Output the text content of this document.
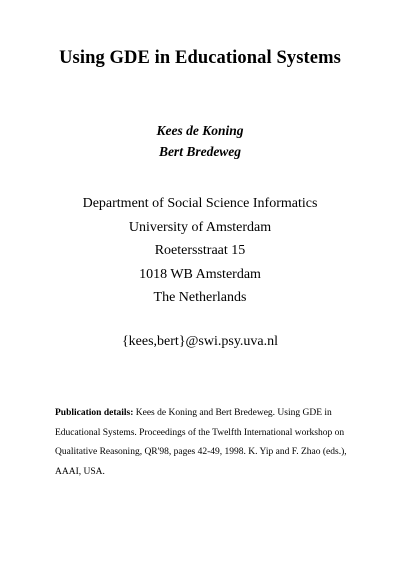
Using GDE in Educational Systems
Kees de Koning
Bert Bredeweg
Department of Social Science Informatics
University of Amsterdam
Roetersstraat 15
1018 WB Amsterdam
The Netherlands
{kees,bert}@swi.psy.uva.nl
Publication details: Kees de Koning and Bert Bredeweg. Using GDE in Educational Systems. Proceedings of the Twelfth International workshop on Qualitative Reasoning, QR'98, pages 42-49, 1998. K. Yip and F. Zhao (eds.), AAAI, USA.
